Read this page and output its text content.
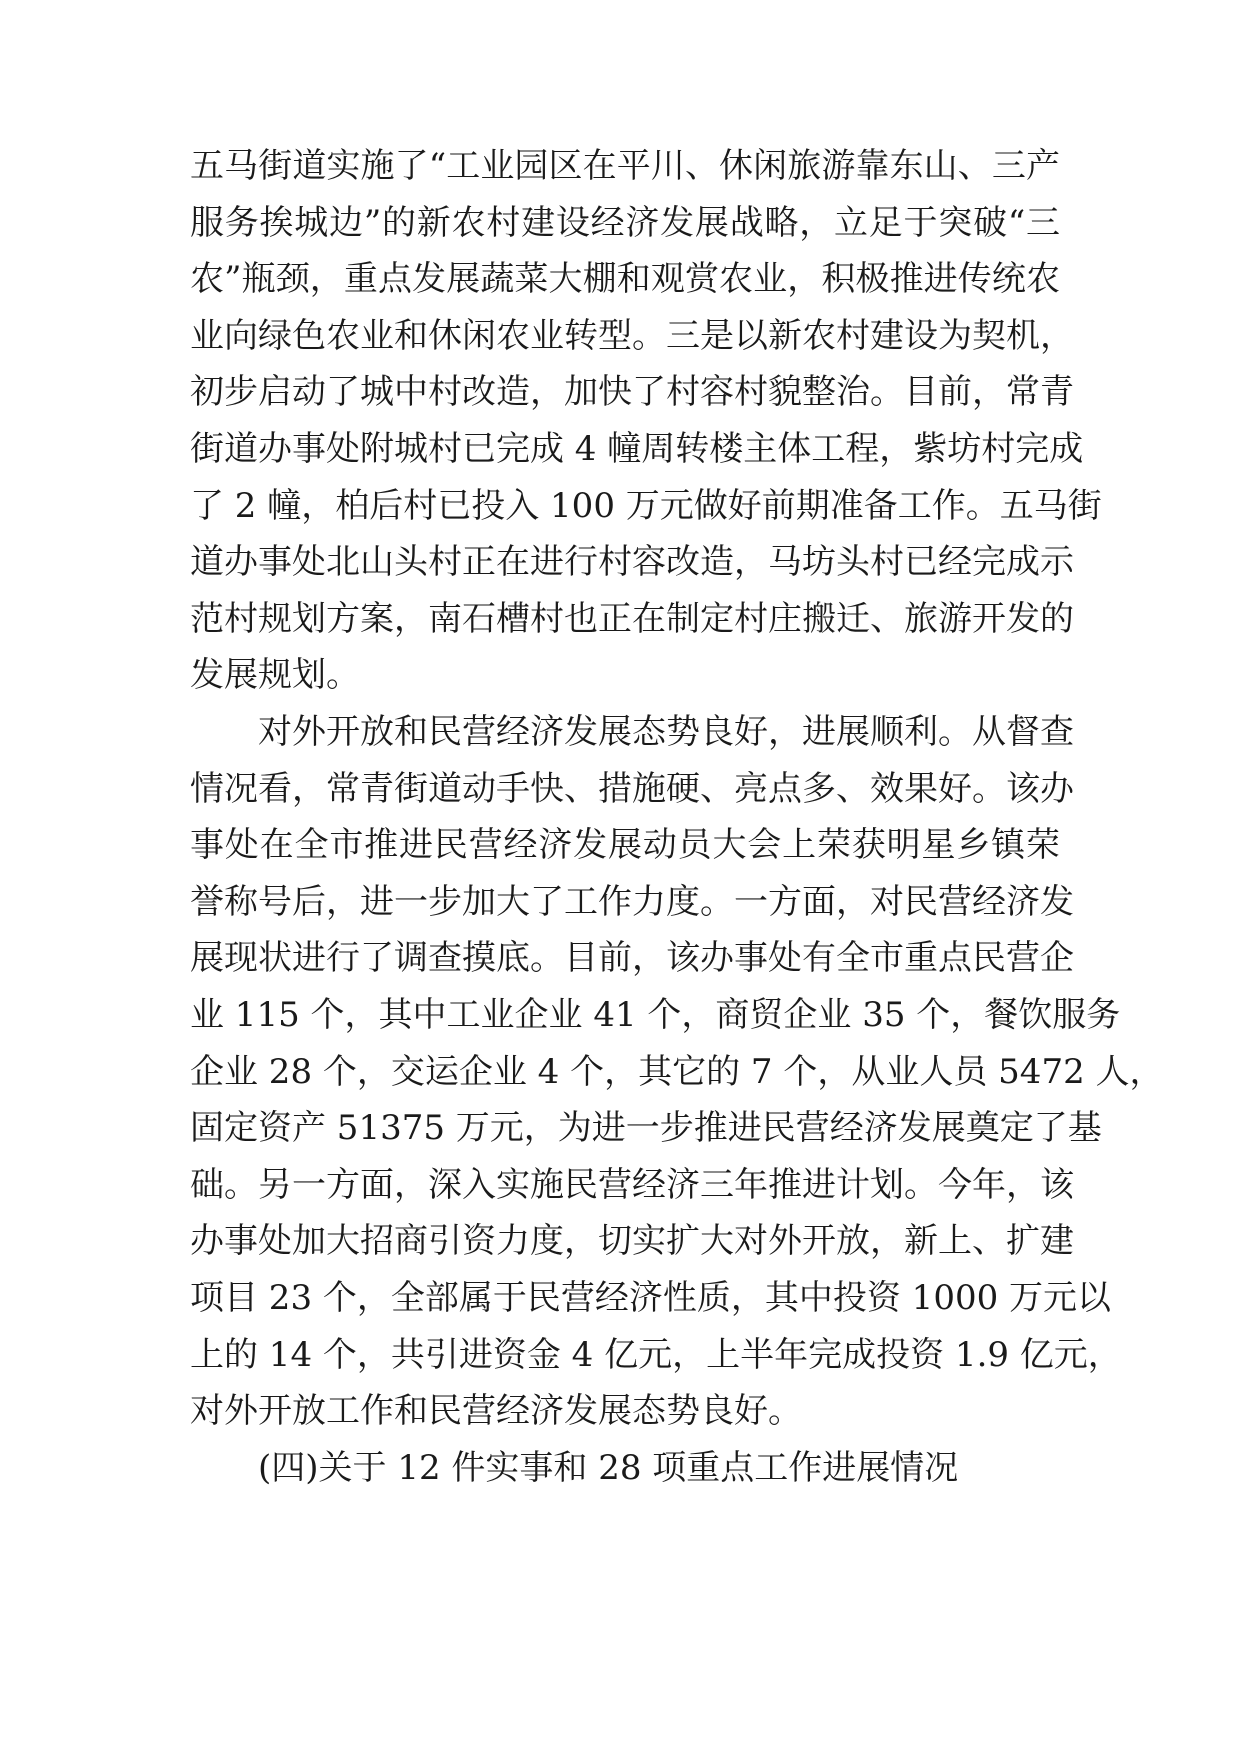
五马街道实施了“工业园区在平川、休闲旅游靠东山、三产
服务挨城边”的新农村建设经济发展战略，立足于突破“三
农”瓶颈，重点发展蔬菜大棚和观赏农业，积极推进传统农
业向绿色农业和休闲农业转型。三是以新农村建设为契机，
初步启动了城中村改造，加快了村容村貌整治。目前，常青
街道办事处附城村已完成 4 幢周转楼主体工程，紫坊村完成
了 2 幢，柏后村已投入 100 万元做好前期准备工作。五马街
道办事处北山头村正在进行村容改造，马坊头村已经完成示
范村规划方案，南石槽村也正在制定村庄搬迁、旅游开发的
发展规划。
对外开放和民营经济发展态势良好，进展顺利。从督查
情况看，常青街道动手快、措施硬、亮点多、效果好。该办
事处在全市推进民营经济发展动员大会上荣获明星乡镇荣
誉称号后，进一步加大了工作力度。一方面，对民营经济发
展现状进行了调查摸底。目前，该办事处有全市重点民营企
业 115 个，其中工业企业 41 个，商贸企业 35 个，餐饮服务
企业 28 个，交运企业 4 个，其它的 7 个，从业人员 5472 人，
固定资产 51375 万元，为进一步推进民营经济发展奠定了基
础。另一方面，深入实施民营经济三年推进计划。今年，该
办事处加大招商引资力度，切实扩大对外开放，新上、扩建
项目 23 个，全部属于民营经济性质，其中投资 1000 万元以
上的 14 个，共引进资金 4 亿元，上半年完成投资 1.9 亿元，
对外开放工作和民营经济发展态势良好。
(四)关于 12 件实事和 28 项重点工作进展情况
